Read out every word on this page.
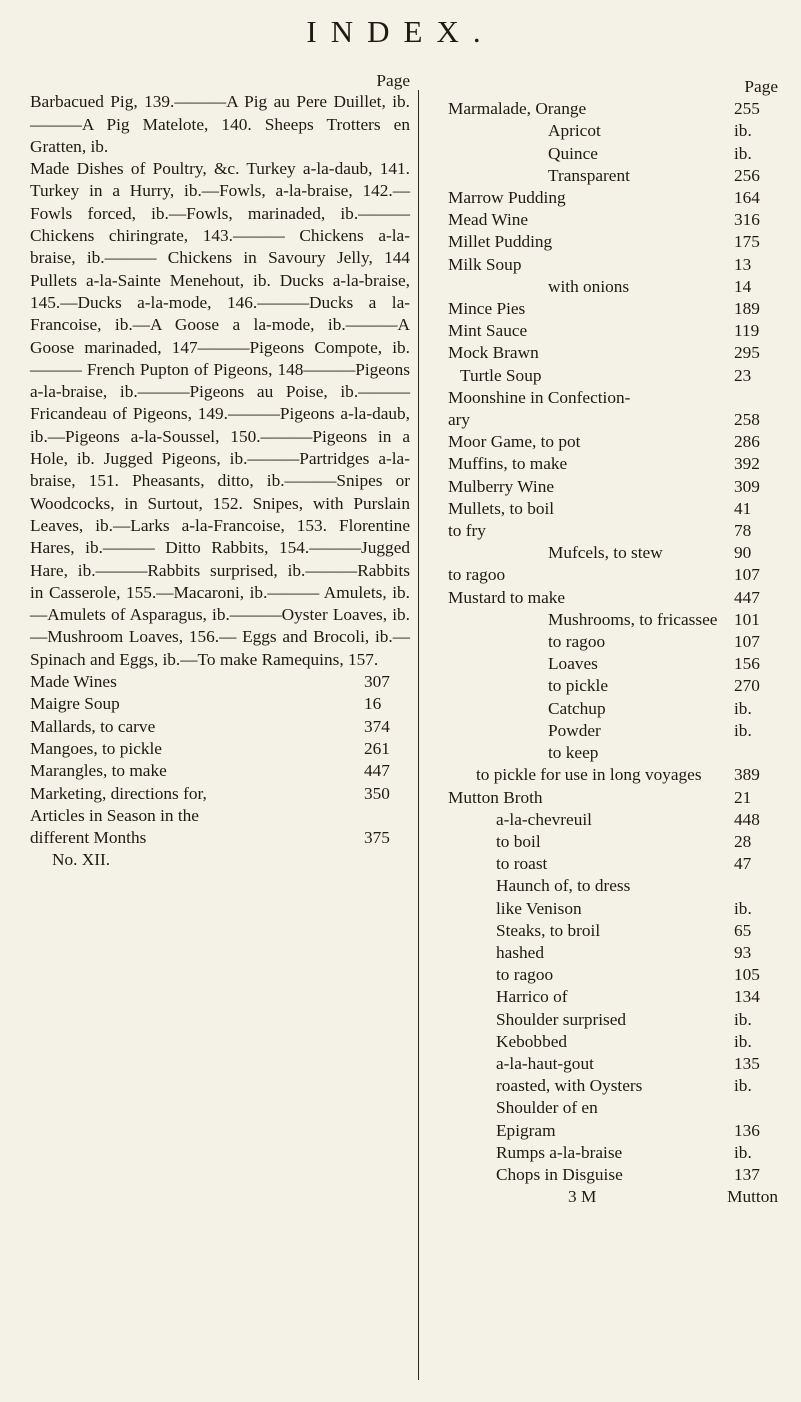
INDEX.
Page

Barbacued Pig, 139.———A Pig au Pere Duillet, ib.———A Pig Matelote, 140. Sheeps Trotters en Gratten, ib.

Made Dishes of Poultry, &c. Turkey a-la-daub, 141. Turkey in a Hurry, ib.—Fowls, a-la-braise, 142.—Fowls forced, ib.—Fowls, marinaded, ib.——— Chickens chiringrate, 143.——— Chickens a-la-braise, ib.——— Chickens in Savoury Jelly, 144 Pullets a-la-Sainte Menehout, ib. Ducks a-la-braise, 145.—Ducks a-la-mode, 146.———Ducks a la-Francoise, ib.—A Goose a la-mode, ib.———A Goose marinaded, 147———Pigeons Compote, ib.——— French Pupton of Pigeons, 148———Pigeons a-la-braise, ib.———Pigeons au Poise, ib.———Fricandeau of Pigeons, 149.———Pigeons a-la-daub, ib.—Pigeons a-la-Soussel, 150.———Pigeons in a Hole, ib. Jugged Pigeons, ib.———Partridges a-la-braise, 151. Pheasants, ditto, ib.———Snipes or Woodcocks, in Surtout, 152. Snipes, with Purslain Leaves, ib.—Larks a-la-Francoise, 153. Florentine Hares, ib.——— Ditto Rabbits, 154.———Jugged Hare, ib.———Rabbits surprised, ib.———Rabbits in Casserole, 155.—Macaroni, ib.——— Amulets, ib.—Amulets of Asparagus, ib.———Oyster Loaves, ib.—Mushroom Loaves, 156.— Eggs and Brocoli, ib.—Spinach and Eggs, ib.—To make Ramequins, 157.

Made Wines	307
Maigre Soup	16
Mallards, to carve	374
Mangoes, to pickle	261
Marangles, to make	447
Marketing, directions for,	350
Articles in Season in the
different Months	375
No. XII.
Page
Marmalade, Orange	255
Apricot	ib.
Quince	ib.
Transparent	256
Marrow Pudding	164
Mead Wine	316
Millet Pudding	175
Milk Soup	13
with onions	14
Mince Pies	189
Mint Sauce	119
Mock Brawn	295
Turtle Soup	23
Moonshine in Confection-
ary	258
Moor Game, to pot	286
Muffins, to make	392
Mulberry Wine	309
Mullets, to boil	41
to fry	78
Mufcels, to stew	90
to ragoo	107
Mustard to make	447
Mushrooms, to fricassee 101
to ragoo	107
Loaves	156
to pickle	270
Catchup	ib.
Powder	ib.
to keep
to pickle for use in long voyages 389
Mutton Broth	21
a-la-chevreuil	448
to boil	28
to roast	47
Haunch of, to dress
like Venison	ib.
Steaks, to broil	65
hashed	93
to ragoo	105
Harrico of	134
Shoulder surprised	ib.
Kebobbed	ib.
a-la-haut-gout	135
roasted, with Oysters	ib.
Shoulder of en
Epigram	136
Rumps a-la-braise	ib.
Chops in Disguise	137
3 M	Mutton
